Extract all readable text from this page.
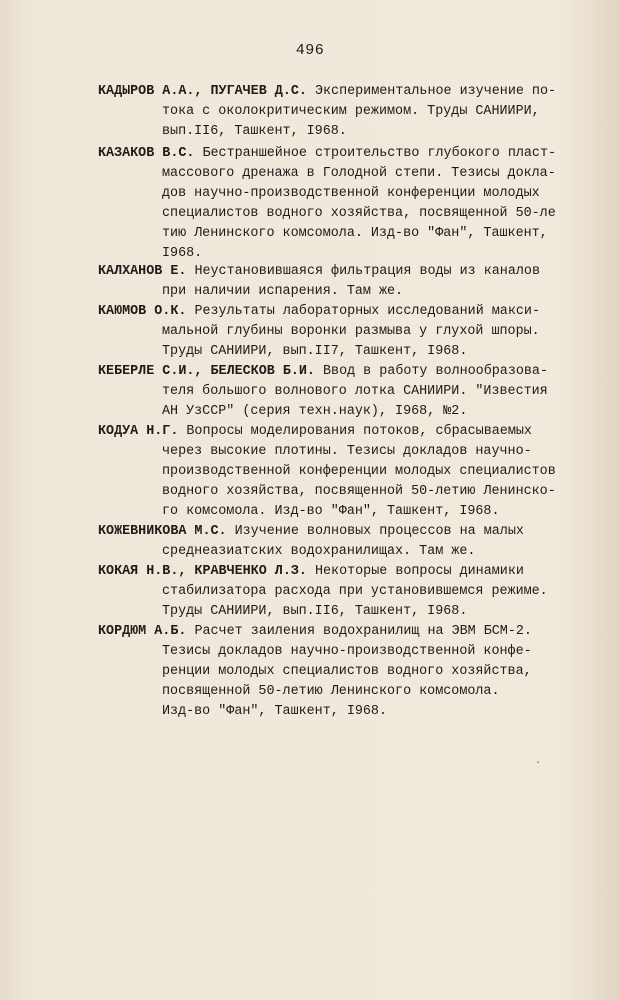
496
КАДЫРОВ А.А., ПУГАЧЕВ Д.С. Экспериментальное изучение по-
тока с околокритическим режимом. Труды САНИИРИ,
вып.II6, Ташкент, I968.
КАЗАКОВ В.С. Бестраншейное строительство глубокого пласт-
массового дренажа в Голодной степи. Тезисы докла-
дов научно-производственной конференции молодых
специалистов водного хозяйства, посвященной 50-ле
тию Ленинского комсомола. Изд-во "Фан", Ташкент,
I968.
КАЛХАНОВ Е. Неустановившаяся фильтрация воды из каналов
при наличии испарения. Там же.
КАЮМОВ О.К. Результаты лабораторных исследований макси-
мальной глубины воронки размыва у глухой шпоры.
Труды САНИИРИ, вып.II7, Ташкент, I968.
КЕБЕРЛЕ С.И., БЕЛЕСКОВ Б.И. Ввод в работу волнообразова-
теля большого волнового лотка САНИИРИ. "Известия
АН УзССР" (серия техн.наук), I968, №2.
КОДУА Н.Г. Вопросы моделирования потоков, сбрасываемых
через высокие плотины. Тезисы докладов научно-
производственной конференции молодых специалистов
водного хозяйства, посвященной 50-летию Ленинско-
го комсомола. Изд-во "Фан", Ташкент, I968.
КОЖЕВНИКОВА М.С. Изучение волновых процессов на малых
среднеазиатских водохранилищах. Там же.
КОКАЯ Н.В., КРАВЧЕНКО Л.З. Некоторые вопросы динамики
стабилизатора расхода при установившемся режиме.
Труды САНИИРИ, вып.II6, Ташкент, I968.
КОРДЮМ А.Б. Расчет заиления водохранилищ на ЭВМ БСМ-2.
Тезисы докладов научно-производственной конфе-
ренции молодых специалистов водного хозяйства,
посвященной 50-летию Ленинского комсомола.
Изд-во "Фан", Ташкент, I968.
·
